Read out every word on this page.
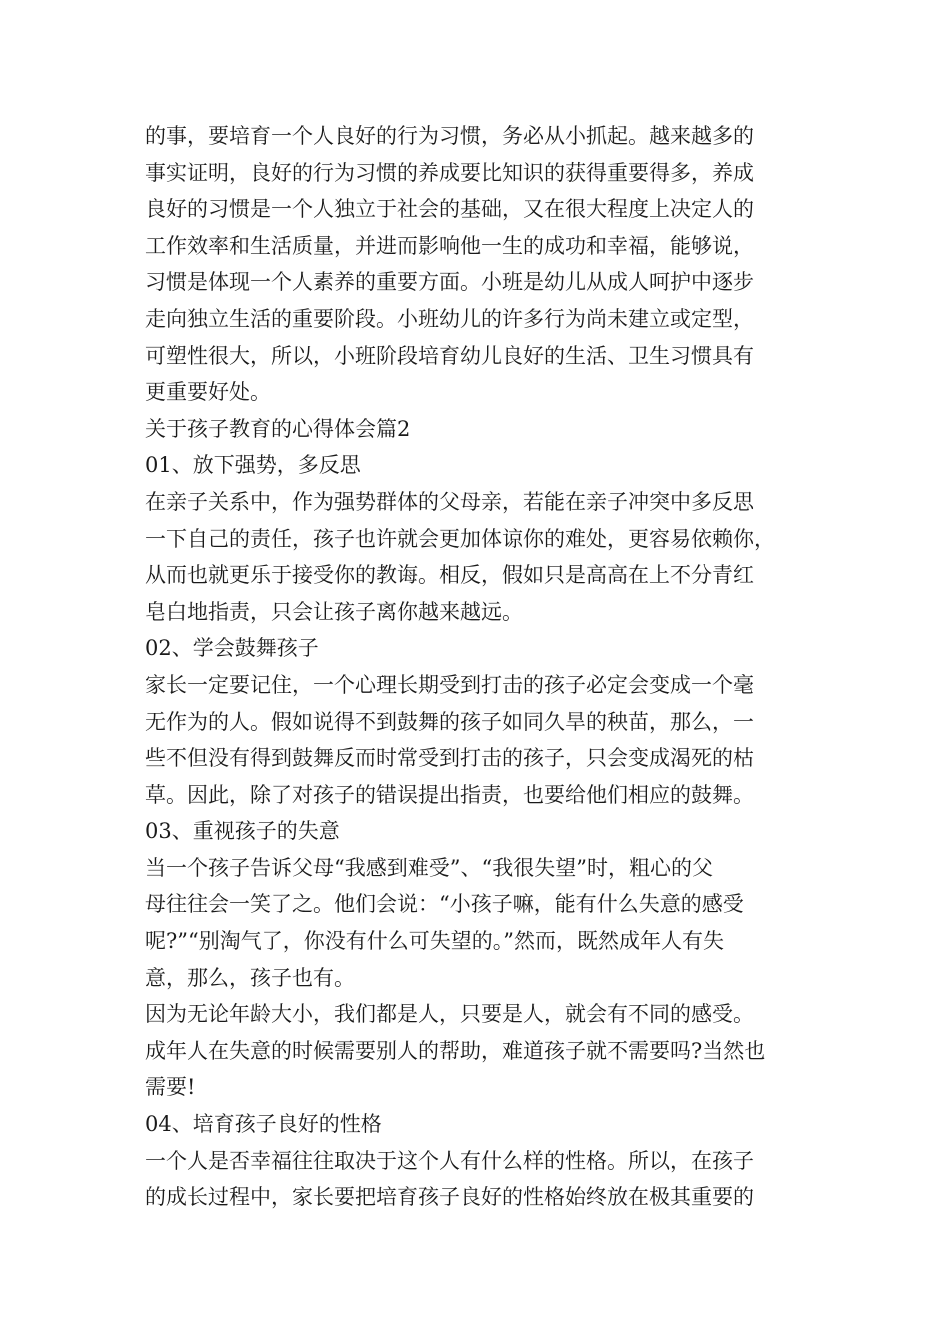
的事，要培育一个人良好的行为习惯，务必从小抓起。越来越多的
事实证明，良好的行为习惯的养成要比知识的获得重要得多，养成
良好的习惯是一个人独立于社会的基础，又在很大程度上决定人的
工作效率和生活质量，并进而影响他一生的成功和幸福，能够说，
习惯是体现一个人素养的重要方面。小班是幼儿从成人呵护中逐步
走向独立生活的重要阶段。小班幼儿的许多行为尚未建立或定型，
可塑性很大，所以，小班阶段培育幼儿良好的生活、卫生习惯具有
更重要好处。
关于孩子教育的心得体会篇2
01、放下强势，多反思
在亲子关系中，作为强势群体的父母亲，若能在亲子冲突中多反思
一下自己的责任，孩子也许就会更加体谅你的难处，更容易依赖你，
从而也就更乐于接受你的教诲。相反，假如只是高高在上不分青红
皂白地指责，只会让孩子离你越来越远。
02、学会鼓舞孩子
家长一定要记住，一个心理长期受到打击的孩子必定会变成一个毫
无作为的人。假如说得不到鼓舞的孩子如同久旱的秧苗，那么，一
些不但没有得到鼓舞反而时常受到打击的孩子，只会变成渴死的枯
草。因此，除了对孩子的错误提出指责，也要给他们相应的鼓舞。
03、重视孩子的失意
当一个孩子告诉父母“我感到难受”、“我很失望”时，粗心的父
母往往会一笑了之。他们会说：“小孩子嘛，能有什么失意的感受
呢?”“别淘气了，你没有什么可失望的。”然而，既然成年人有失
意，那么，孩子也有。
因为无论年龄大小，我们都是人，只要是人，就会有不同的感受。
成年人在失意的时候需要别人的帮助，难道孩子就不需要吗?当然也
需要!
04、培育孩子良好的性格
一个人是否幸福往往取决于这个人有什么样的性格。所以，在孩子
的成长过程中，家长要把培育孩子良好的性格始终放在极其重要的
